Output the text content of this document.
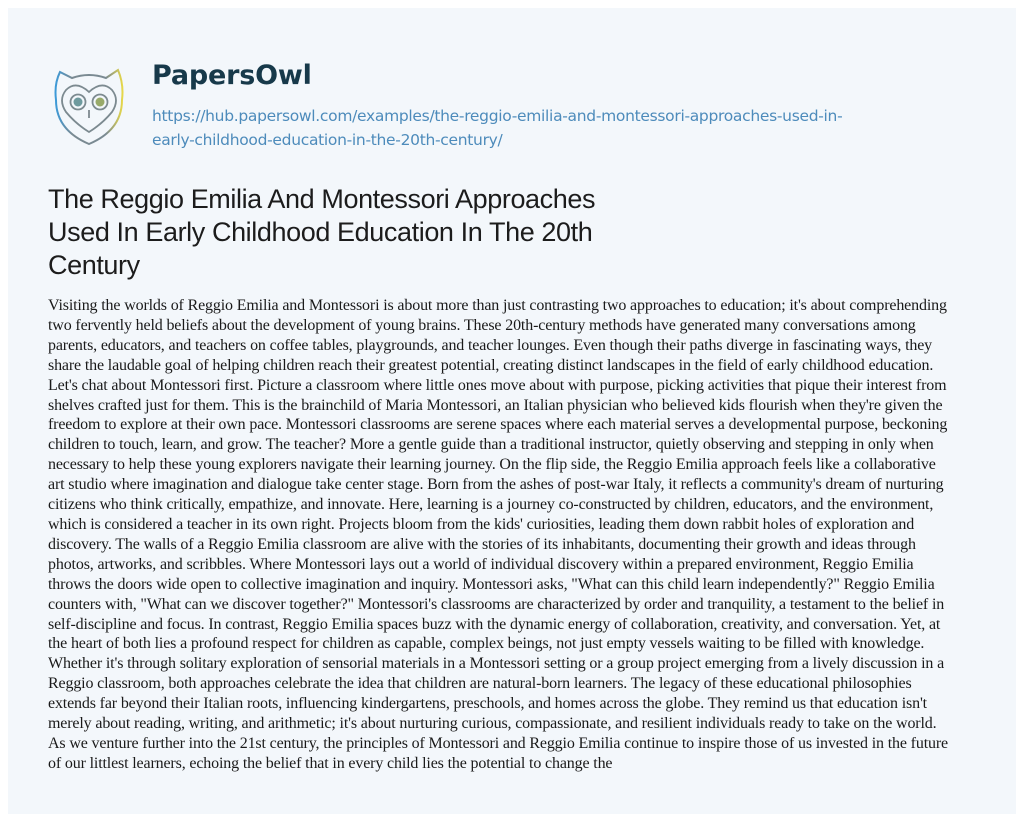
PapersOwl
https://hub.papersowl.com/examples/the-reggio-emilia-and-montessori-approaches-used-in-
early-childhood-education-in-the-20th-century/
The Reggio Emilia And Montessori Approaches
Used In Early Childhood Education In The 20th
Century
Visiting the worlds of Reggio Emilia and Montessori is about more than just contrasting two approaches to education; it's about comprehending
two fervently held beliefs about the development of young brains. These 20th-century methods have generated many conversations among
parents, educators, and teachers on coffee tables, playgrounds, and teacher lounges. Even though their paths diverge in fascinating ways, they
share the laudable goal of helping children reach their greatest potential, creating distinct landscapes in the field of early childhood education.
Let's chat about Montessori first. Picture a classroom where little ones move about with purpose, picking activities that pique their interest from
shelves crafted just for them. This is the brainchild of Maria Montessori, an Italian physician who believed kids flourish when they're given the
freedom to explore at their own pace. Montessori classrooms are serene spaces where each material serves a developmental purpose, beckoning
children to touch, learn, and grow. The teacher? More a gentle guide than a traditional instructor, quietly observing and stepping in only when
necessary to help these young explorers navigate their learning journey. On the flip side, the Reggio Emilia approach feels like a collaborative
art studio where imagination and dialogue take center stage. Born from the ashes of post-war Italy, it reflects a community's dream of nurturing
citizens who think critically, empathize, and innovate. Here, learning is a journey co-constructed by children, educators, and the environment,
which is considered a teacher in its own right. Projects bloom from the kids' curiosities, leading them down rabbit holes of exploration and
discovery. The walls of a Reggio Emilia classroom are alive with the stories of its inhabitants, documenting their growth and ideas through
photos, artworks, and scribbles. Where Montessori lays out a world of individual discovery within a prepared environment, Reggio Emilia
throws the doors wide open to collective imagination and inquiry. Montessori asks, "What can this child learn independently?" Reggio Emilia
counters with, "What can we discover together?" Montessori's classrooms are characterized by order and tranquility, a testament to the belief in
self-discipline and focus. In contrast, Reggio Emilia spaces buzz with the dynamic energy of collaboration, creativity, and conversation. Yet, at
the heart of both lies a profound respect for children as capable, complex beings, not just empty vessels waiting to be filled with knowledge.
Whether it's through solitary exploration of sensorial materials in a Montessori setting or a group project emerging from a lively discussion in a
Reggio classroom, both approaches celebrate the idea that children are natural-born learners. The legacy of these educational philosophies
extends far beyond their Italian roots, influencing kindergartens, preschools, and homes across the globe. They remind us that education isn't
merely about reading, writing, and arithmetic; it's about nurturing curious, compassionate, and resilient individuals ready to take on the world.
As we venture further into the 21st century, the principles of Montessori and Reggio Emilia continue to inspire those of us invested in the future
of our littlest learners, echoing the belief that in every child lies the potential to change the
